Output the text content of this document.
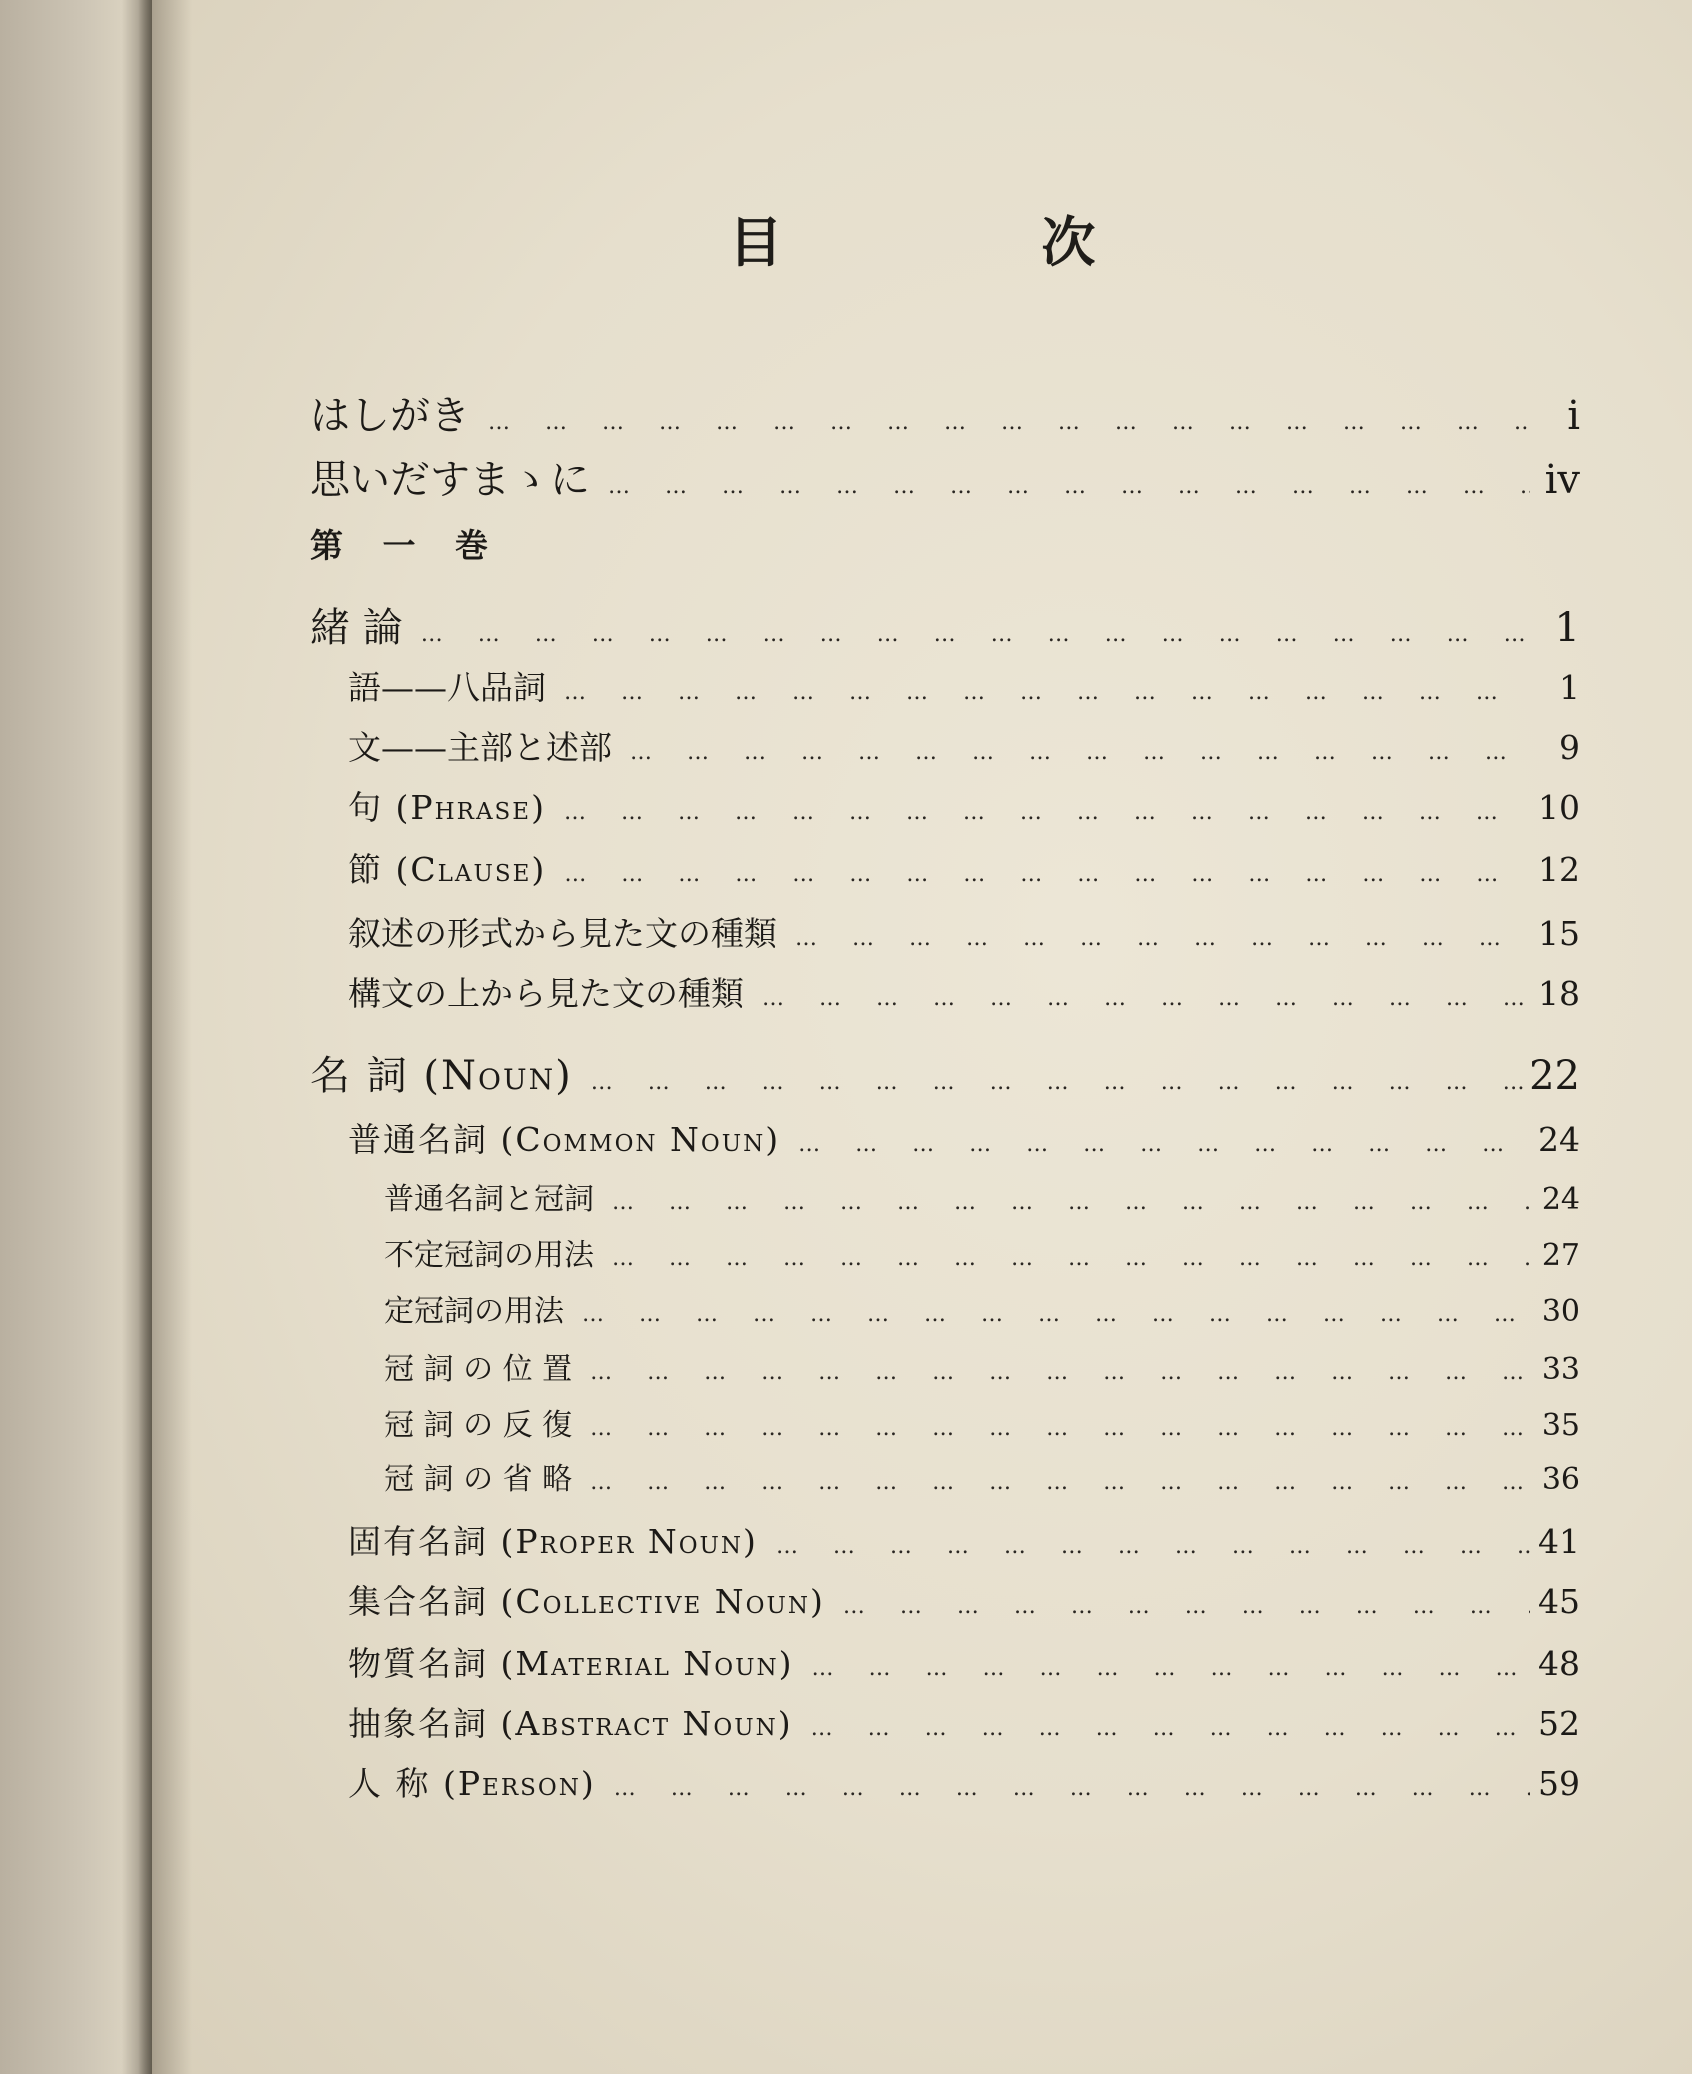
目 次
はしがき … … … … … … … … … … … … … … … … … … … … … … … … … …	i
思いだすまゝに … … … … … … … … … … … … … … … … … … … … … … … … … …	iv
第 一 巻
緒 論 … … … … … … … … … … … … … … … … … … … … … … … … … …	1
語——八品詞 … … … … … … … … … … … … … … … … … … … … … … … … … …	1
文——主部と述部 … … … … … … … … … … … … … … … … … … … … … … … … … …	9
句 (Phrase) … … … … … … … … … … … … … … … … … … … … … … … … … …	10
節 (Clause) … … … … … … … … … … … … … … … … … … … … … … … … … …	12
叙述の形式から見た文の種類 … … … … … … … … … … … … … … … … … … … … … … … … … …	15
構文の上から見た文の種類 … … … … … … … … … … … … … … … … … … … … … … … … … …	18
名 詞 (Noun) … … … … … … … … … … … … … … … … … … … … … … … … … …	22
普通名詞 (Common Noun) … … … … … … … … … … … … … … … … … … … … … … … … … …	24
普通名詞と冠詞 … … … … … … … … … … … … … … … … … … … … … … … … … …	24
不定冠詞の用法 … … … … … … … … … … … … … … … … … … … … … … … … … …	27
定冠詞の用法 … … … … … … … … … … … … … … … … … … … … … … … … … …	30
冠 詞 の 位 置 … … … … … … … … … … … … … … … … … … … … … … … … … …	33
冠 詞 の 反 復 … … … … … … … … … … … … … … … … … … … … … … … … … …	35
冠 詞 の 省 略 … … … … … … … … … … … … … … … … … … … … … … … … … …	36
固有名詞 (Proper Noun) … … … … … … … … … … … … … … … … … … … … … … … … … …	41
集合名詞 (Collective Noun) … … … … … … … … … … … … … … … … … … … … … … … … … …	45
物質名詞 (Material Noun) … … … … … … … … … … … … … … … … … … … … … … … … … …	48
抽象名詞 (Abstract Noun) … … … … … … … … … … … … … … … … … … … … … … … … … …	52
人 称 (Person) … … … … … … … … … … … … … … … … … … … … … … … … … …	59
